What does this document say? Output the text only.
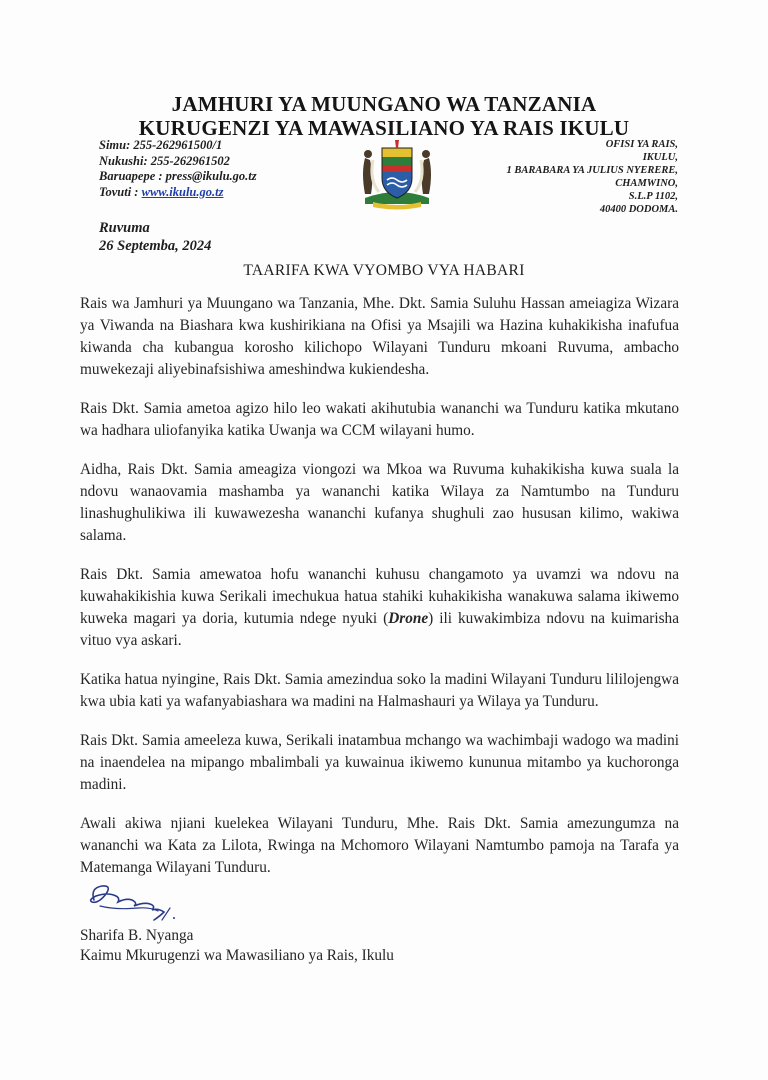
JAMHURI YA MUUNGANO WA TANZANIA
KURUGENZI YA MAWASILIANO YA RAIS IKULU
Simu: 255-262961500/1
Nukushi: 255-262961502
Baruapepe : press@ikulu.go.tz
Tovuti : www.ikulu.go.tz
OFISI YA RAIS,
IKULU,
1 BARABARA YA JULIUS NYERERE,
CHAMWINO,
S.L.P 1102,
40400 DODOMA.
Ruvuma
26 Septemba, 2024
TAARIFA KWA VYOMBO VYA HABARI

Rais wa Jamhuri ya Muungano wa Tanzania, Mhe. Dkt. Samia Suluhu Hassan ameiagiza Wizara ya Viwanda na Biashara kwa kushirikiana na Ofisi ya Msajili wa Hazina kuhakikisha inafufua kiwanda cha kubangua korosho kilichopo Wilayani Tunduru mkoani Ruvuma, ambacho muwekezaji aliyebinafsishiwa ameshindwa kukiendesha.

Rais Dkt. Samia ametoa agizo hilo leo wakati akihutubia wananchi wa Tunduru katika mkutano wa hadhara uliofanyika katika Uwanja wa CCM wilayani humo.

Aidha, Rais Dkt. Samia ameagiza viongozi wa Mkoa wa Ruvuma kuhakikisha kuwa suala la ndovu wanaovamia mashamba ya wananchi katika Wilaya za Namtumbo na Tunduru linashughulikiwa ili kuwawezesha wananchi kufanya shughuli zao hususan kilimo, wakiwa salama.

Rais Dkt. Samia amewatoa hofu wananchi kuhusu changamoto ya uvamzi wa ndovu na kuwahakikishia kuwa Serikali imechukua hatua stahiki kuhakikisha wanakuwa salama ikiwemo kuweka magari ya doria, kutumia ndege nyuki (Drone) ili kuwakimbiza ndovu na kuimarisha vituo vya askari.

Katika hatua nyingine, Rais Dkt. Samia amezindua soko la madini Wilayani Tunduru lililojengwa kwa ubia kati ya wafanyabiashara wa madini na Halmashauri ya Wilaya ya Tunduru.

Rais Dkt. Samia ameeleza kuwa, Serikali inatambua mchango wa wachimbaji wadogo wa madini na inaendelea na mipango mbalimbali ya kuwainua ikiwemo kununua mitambo ya kuchoronga madini.

Awali akiwa njiani kuelekea Wilayani Tunduru, Mhe. Rais Dkt. Samia amezungumza na wananchi wa Kata za Lilota, Rwinga na Mchomoro Wilayani Namtumbo pamoja na Tarafa ya Matemanga Wilayani Tunduru.

Sharifa B. Nyanga
Kaimu Mkurugenzi wa Mawasiliano ya Rais, Ikulu
